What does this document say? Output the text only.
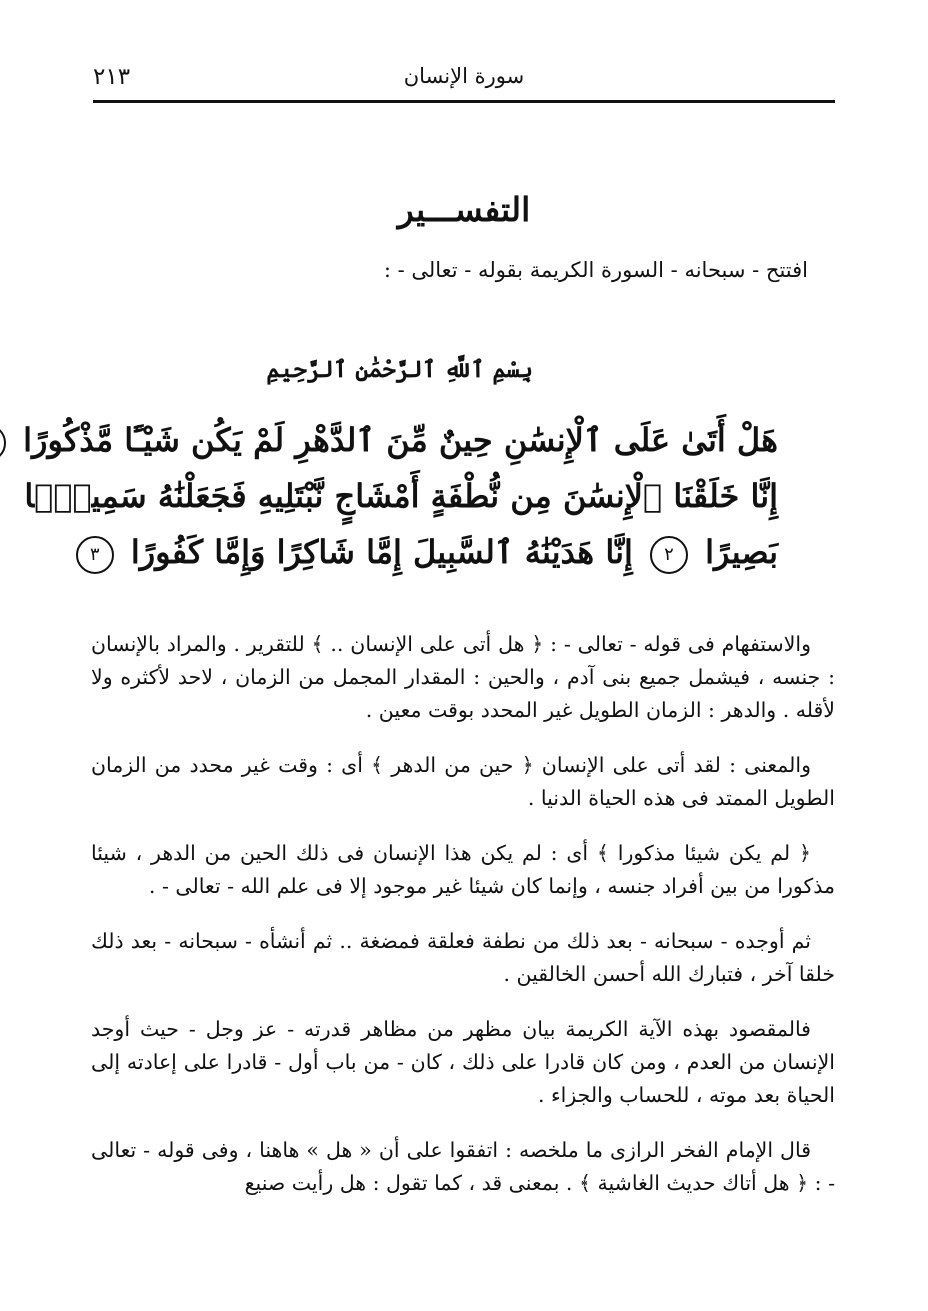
٢١٣	سورة الإنسان
التفســـير
افتتح - سبحانه - السورة الكريمة بقوله - تعالى - :
بِسْمِ ٱللَّهِ ٱلرَّحْمَٰنِ ٱلرَّحِيمِ
هَلْ أَتَىٰ عَلَى ٱلْإِنسَٰنِ حِينٌ مِّنَ ٱلدَّهْرِ لَمْ يَكُن شَيْـًٔا مَّذْكُورًا
إِنَّا خَلَقْنَا ٱلْإِنسَٰنَ مِن نُّطْفَةٍ أَمْشَاجٍ نَّبْتَلِيهِ فَجَعَلْنَٰهُ سَمِيعًۢا
بَصِيرًا ٢ إِنَّا هَدَيْنَٰهُ ٱلسَّبِيلَ إِمَّا شَاكِرًا وَإِمَّا كَفُورًا ٣

والاستفهام فى قوله - تعالى - : ﴿ هل أتى على الإنسان .. ﴾ للتقرير . والمراد بالإنسان : جنسه ، فيشمل جميع بنى آدم ، والحين : المقدار المجمل من الزمان ، لاحد لأكثره ولا لأقله . والدهر : الزمان الطويل غير المحدد بوقت معين .

والمعنى : لقد أتى على الإنسان ﴿ حين من الدهر ﴾ أى : وقت غير محدد من الزمان الطويل الممتد فى هذه الحياة الدنيا .

﴿ لم يكن شيئا مذكورا ﴾ أى : لم يكن هذا الإنسان فى ذلك الحين من الدهر ، شيئا مذكورا من بين أفراد جنسه ، وإنما كان شيئا غير موجود إلا فى علم الله - تعالى - .

ثم أوجده - سبحانه - بعد ذلك من نطفة فعلقة فمضغة .. ثم أنشأه - سبحانه - بعد ذلك خلقا آخر ، فتبارك الله أحسن الخالقين .

فالمقصود بهذه الآية الكريمة بيان مظهر من مظاهر قدرته - عز وجل - حيث أوجد الإنسان من العدم ، ومن كان قادرا على ذلك ، كان - من باب أول - قادرا على إعادته إلى الحياة بعد موته ، للحساب والجزاء .

قال الإمام الفخر الرازى ما ملخصه : اتفقوا على أن « هل » هاهنا ، وفى قوله - تعالى - : ﴿ هل أتاك حديث الغاشية ﴾ . بمعنى قد ، كما تقول : هل رأيت صنيع
